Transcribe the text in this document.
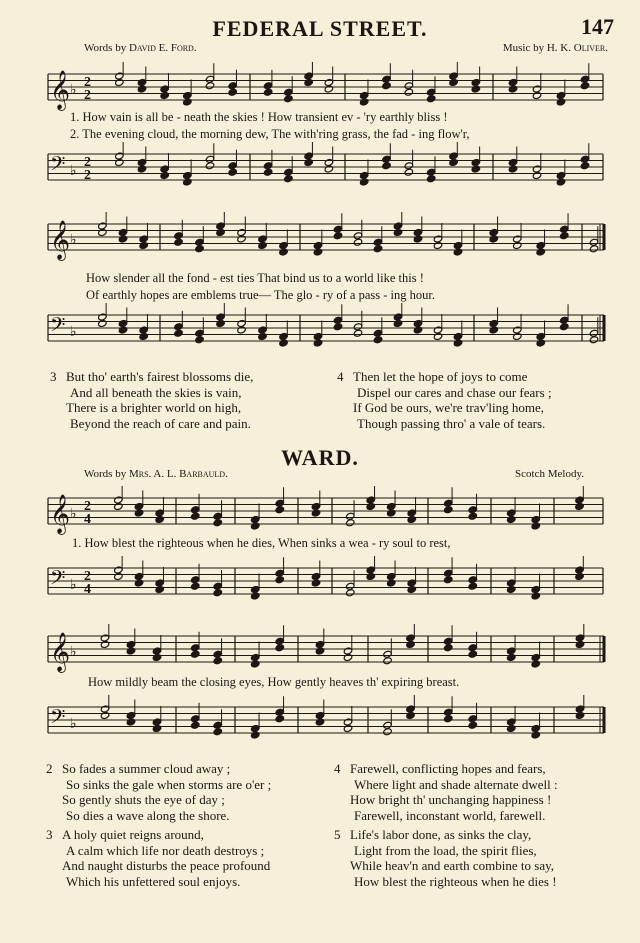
147
FEDERAL STREET.
Words by David E. Ford.	Music by H. K. Oliver.
𝄞 ♭ 2
2
1. How vain is all be - neath the skies ! How transient ev - 'ry earthly bliss !
2. The evening cloud, the morning dew, The with'ring grass, the fad - ing flow'r,
𝄢 ♭
2
2
𝄞 ♭
How slender all the fond - est ties That bind us to a world like this !
Of earthly hopes are emblems true— The glo - ry of a pass - ing hour.
𝄢 ♭
3 But tho' earth's fairest blossoms die,
And all beneath the skies is vain,
There is a brighter world on high,
Beyond the reach of care and pain.
4 Then let the hope of joys to come
Dispel our cares and chase our fears ;
If God be ours, we're trav'ling home,
Though passing thro' a vale of tears.
WARD.
Words by Mrs. A. L. Barbauld.	Scotch Melody.
𝄞 ♭ 2
4
1. How blest the righteous when he dies, When sinks a wea - ry soul to rest,
𝄢 ♭
2
4
𝄞 ♭
How mildly beam the closing eyes, How gently heaves th' expiring breast.
𝄢 ♭
2 So fades a summer cloud away ;
So sinks the gale when storms are o'er ;
So gently shuts the eye of day ;
So dies a wave along the shore.
4 Farewell, conflicting hopes and fears,
Where light and shade alternate dwell :
How bright th' unchanging happiness !
Farewell, inconstant world, farewell.
3 A holy quiet reigns around,
A calm which life nor death destroys ;
And naught disturbs the peace profound
Which his unfettered soul enjoys.
5 Life's labor done, as sinks the clay,
Light from the load, the spirit flies,
While heav'n and earth combine to say,
How blest the righteous when he dies !
